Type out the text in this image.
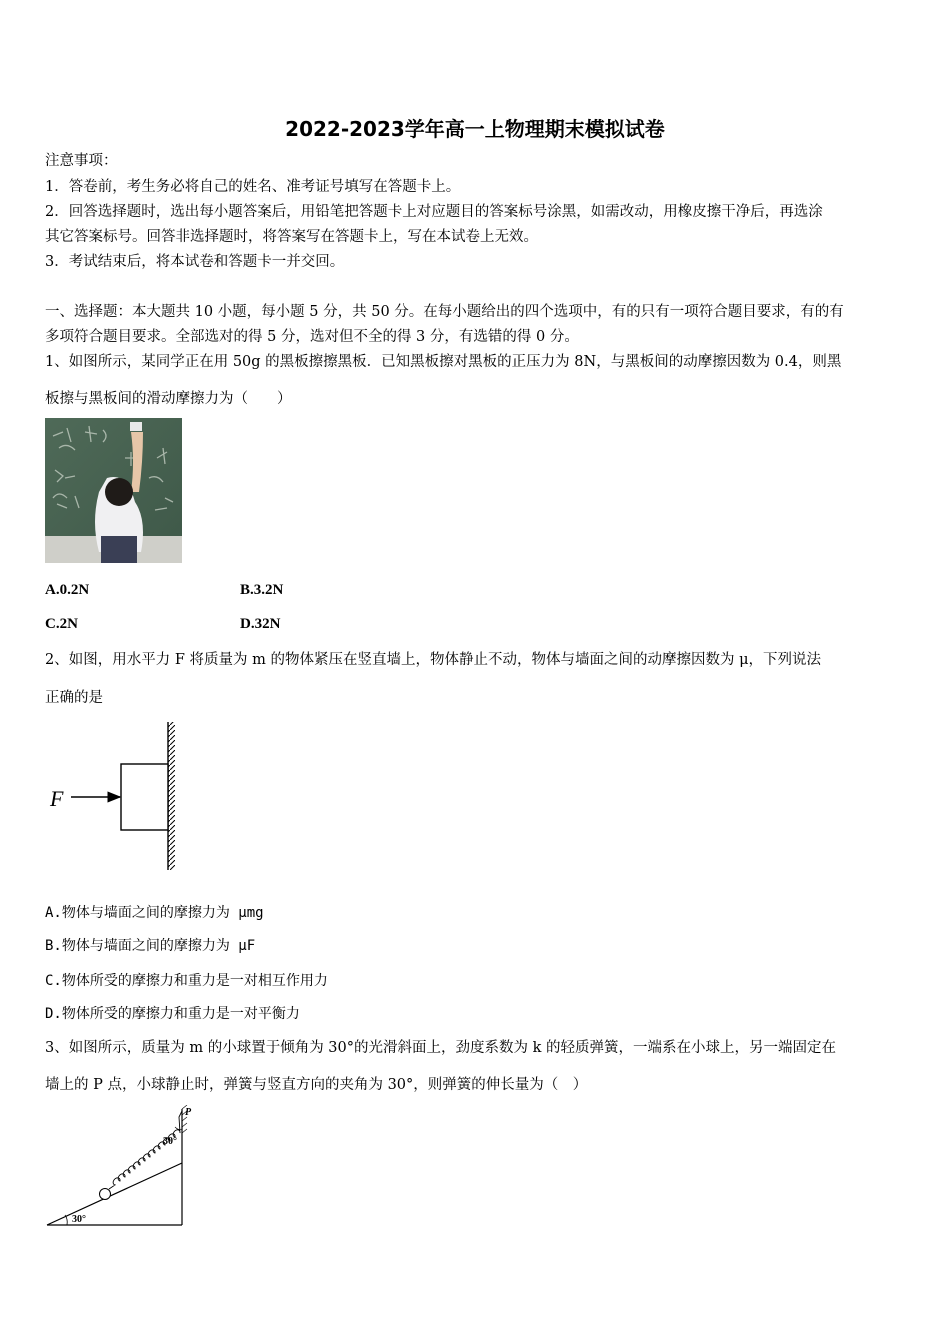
2022-2023学年高一上物理期末模拟试卷
注意事项：
1．答卷前，考生务必将自己的姓名、准考证号填写在答题卡上。
2．回答选择题时，选出每小题答案后，用铅笔把答题卡上对应题目的答案标号涂黑，如需改动，用橡皮擦干净后，再选涂
其它答案标号。回答非选择题时，将答案写在答题卡上，写在本试卷上无效。
3．考试结束后，将本试卷和答题卡一并交回。
一、选择题：本大题共 10 小题，每小题 5 分，共 50 分。在每小题给出的四个选项中，有的只有一项符合题目要求，有的有
多项符合题目要求。全部选对的得 5 分，选对但不全的得 3 分，有选错的得 0 分。
1、如图所示，某同学正在用 50g 的黑板擦擦黑板．已知黑板擦对黑板的正压力为 8N，与黑板间的动摩擦因数为 0.4，则黑
板擦与黑板间的滑动摩擦力为（　　）
A.0.2N	B.3.2N
C.2N	D.32N
2、如图，用水平力 F 将质量为 m 的物体紧压在竖直墙上，物体静止不动，物体与墙面之间的动摩擦因数为 μ，下列说法
正确的是
F
A.物体与墙面之间的摩擦力为 μmg
B.物体与墙面之间的摩擦力为 μF
C.物体所受的摩擦力和重力是一对相互作用力
D.物体所受的摩擦力和重力是一对平衡力
3、如图所示，质量为 m 的小球置于倾角为 30°的光滑斜面上，劲度系数为 k 的轻质弹簧，一端系在小球上，另一端固定在
墙上的 P 点，小球静止时，弹簧与竖直方向的夹角为 30°，则弹簧的伸长量为（　）
P
30°
30°
